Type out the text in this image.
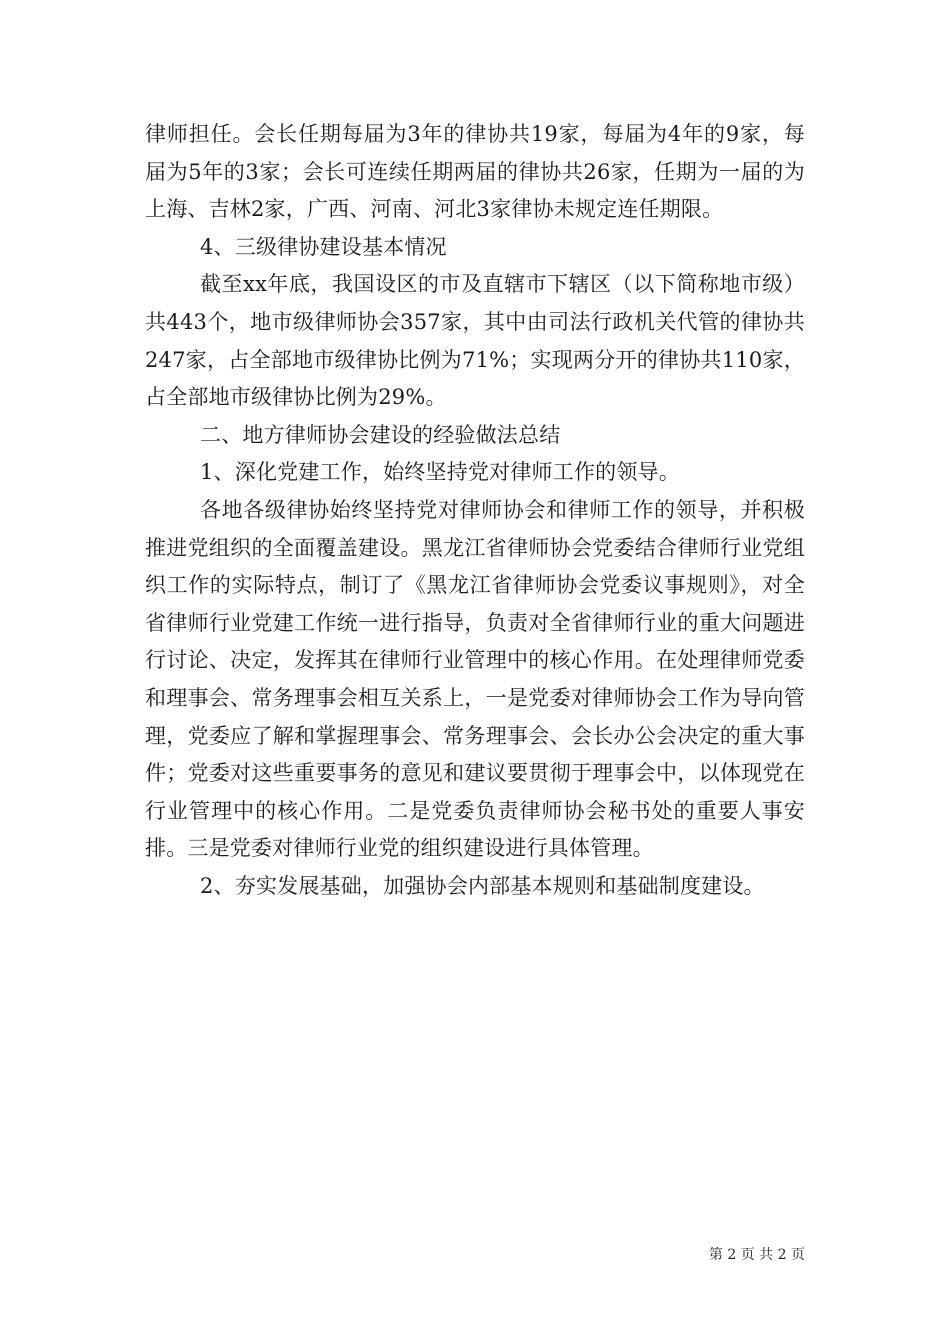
律师担任。会长任期每届为3年的律协共19家，每届为4年的9家，每届为5年的3家；会长可连续任期两届的律协共26家，任期为一届的为上海、吉林2家，广西、河南、河北3家律协未规定连任期限。

4、三级律协建设基本情况

截至xx年底，我国设区的市及直辖市下辖区（以下简称地市级）共443个，地市级律师协会357家，其中由司法行政机关代管的律协共247家，占全部地市级律协比例为71%；实现两分开的律协共110家，占全部地市级律协比例为29%。

二、地方律师协会建设的经验做法总结

1、深化党建工作，始终坚持党对律师工作的领导。

各地各级律协始终坚持党对律师协会和律师工作的领导，并积极推进党组织的全面覆盖建设。黑龙江省律师协会党委结合律师行业党组织工作的实际特点，制订了《黑龙江省律师协会党委议事规则》，对全省律师行业党建工作统一进行指导，负责对全省律师行业的重大问题进行讨论、决定，发挥其在律师行业管理中的核心作用。在处理律师党委和理事会、常务理事会相互关系上，一是党委对律师协会工作为导向管理，党委应了解和掌握理事会、常务理事会、会长办公会决定的重大事件；党委对这些重要事务的意见和建议要贯彻于理事会中，以体现党在行业管理中的核心作用。二是党委负责律师协会秘书处的重要人事安排。三是党委对律师行业党的组织建设进行具体管理。

2、夯实发展基础，加强协会内部基本规则和基础制度建设。

第 2 页 共 2 页
